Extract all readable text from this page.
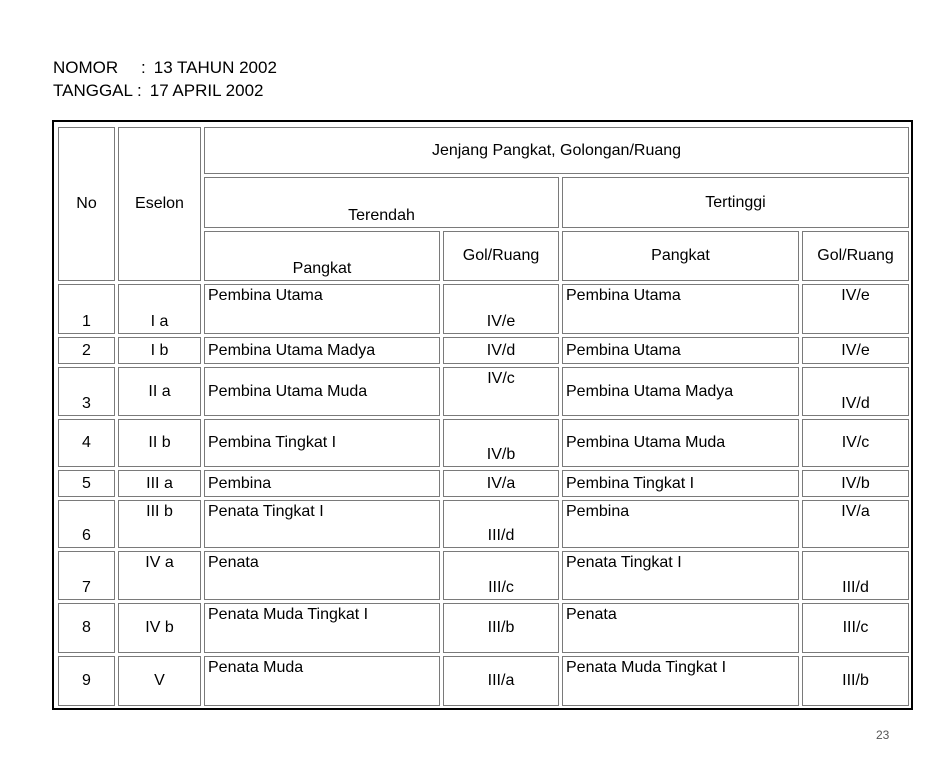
NOMOR	: 13 TAHUN 2002
TANGGAL : 17 APRIL 2002
No	Eselon	Jenjang Pangkat, Golongan/Ruang			
		Terendah		Tertinggi	
		Pangkat	Gol/Ruang	Pangkat	Gol/Ruang
1	I a	Pembina Utama	IV/e	Pembina Utama	IV/e
2	I b	Pembina Utama Madya	IV/d	Pembina Utama	IV/e
3	II a	Pembina Utama Muda	IV/c	Pembina Utama Madya	IV/d
4	II b	Pembina Tingkat I	IV/b	Pembina Utama Muda	IV/c
5	III a	Pembina	IV/a	Pembina Tingkat I	IV/b
6	III b	Penata Tingkat I	III/d	Pembina	IV/a
7	IV a	Penata	III/c	Penata Tingkat I	III/d
8	IV b	Penata Muda Tingkat I	III/b	Penata	III/c
9	V	Penata Muda	III/a	Penata Muda Tingkat I	III/b
23
